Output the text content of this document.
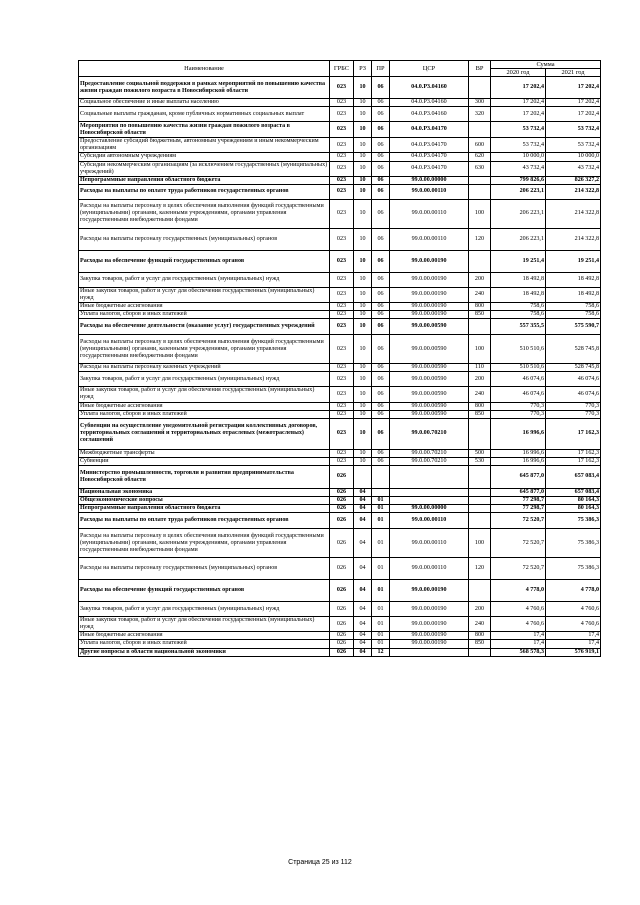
Наименование	ГРБС	РЗ	ПР	ЦСР	ВР	Сумма	
						2020 год	2021 год
Предоставление социальной поддержки в рамках мероприятий по повышению качества жизни граждан пожилого возраста в Новосибирской области	023	10	06	04.0.P3.04160		17 202,4	17 202,4
Социальное обеспечение и иные выплаты населению	023	10	06	04.0.P3.04160	300	17 202,4	17 202,4
Социальные выплаты гражданам, кроме публичных нормативных социальных выплат	023	10	06	04.0.P3.04160	320	17 202,4	17 202,4
Мероприятия по повышению качества жизни граждан пожилого возраста в Новосибирской области	023	10	06	04.0.P3.04170		53 732,4	53 732,4
Предоставление субсидий бюджетным, автономным учреждениям и иным некоммерческим организациям	023	10	06	04.0.P3.04170	600	53 732,4	53 732,4
Субсидии автономным учреждениям	023	10	06	04.0.P3.04170	620	10 000,0	10 000,0
Субсидии некоммерческим организациям (за исключением государственных (муниципальных) учреждений)	023	10	06	04.0.P3.04170	630	43 732,4	43 732,4
Непрограммные направления областного бюджета	023	10	06	99.0.00.00000		799 826,6	826 327,2
Расходы на выплаты по оплате труда работников государственных органов	023	10	06	99.0.00.00110		206 223,1	214 322,8
Расходы на выплаты персоналу в целях обеспечения выполнения функций государственными (муниципальными) органами, казенными учреждениями, органами управления государственными внебюджетными фондами	023	10	06	99.0.00.00110	100	206 223,1	214 322,8
Расходы на выплаты персоналу государственных (муниципальных) органов	023	10	06	99.0.00.00110	120	206 223,1	214 322,8
Расходы на обеспечение функций государственных органов	023	10	06	99.0.00.00190		19 251,4	19 251,4
Закупка товаров, работ и услуг для государственных (муниципальных) нужд	023	10	06	99.0.00.00190	200	18 492,8	18 492,8
Иные закупки товаров, работ и услуг для обеспечения государственных (муниципальных) нужд	023	10	06	99.0.00.00190	240	18 492,8	18 492,8
Иные бюджетные ассигнования	023	10	06	99.0.00.00190	800	758,6	758,6
Уплата налогов, сборов и иных платежей	023	10	06	99.0.00.00190	850	758,6	758,6
Расходы на обеспечение деятельности (оказание услуг) государственных учреждений	023	10	06	99.0.00.00590		557 355,5	575 590,7
Расходы на выплаты персоналу в целях обеспечения выполнения функций государственными (муниципальными) органами, казенными учреждениями, органами управления государственными внебюджетными фондами	023	10	06	99.0.00.00590	100	510 510,6	528 745,8
Расходы на выплаты персоналу казенных учреждений	023	10	06	99.0.00.00590	110	510 510,6	528 745,8
Закупка товаров, работ и услуг для государственных (муниципальных) нужд	023	10	06	99.0.00.00590	200	46 074,6	46 074,6
Иные закупки товаров, работ и услуг для обеспечения государственных (муниципальных) нужд	023	10	06	99.0.00.00590	240	46 074,6	46 074,6
Иные бюджетные ассигнования	023	10	06	99.0.00.00590	800	770,3	770,3
Уплата налогов, сборов и иных платежей	023	10	06	99.0.00.00590	850	770,3	770,3
Субвенции на осуществление уведомительной регистрации коллективных договоров, территориальных соглашений и территориальных отраслевых (межотраслевых) соглашений	023	10	06	99.0.00.70210		16 996,6	17 162,3
Межбюджетные трансферты	023	10	06	99.0.00.70210	500	16 996,6	17 162,3
Субвенции	023	10	06	99.0.00.70210	530	16 996,6	17 162,3
Министерство промышленности, торговли и развития предпринимательства Новосибирской области	026					645 877,0	657 083,4
Национальная экономика	026	04				645 877,0	657 083,4
Общеэкономические вопросы	026	04	01			77 298,7	80 164,3
Непрограммные направления областного бюджета	026	04	01	99.0.00.00000		77 298,7	80 164,3
Расходы на выплаты по оплате труда работников государственных органов	026	04	01	99.0.00.00110		72 520,7	75 386,3
Расходы на выплаты персоналу в целях обеспечения выполнения функций государственными (муниципальными) органами, казенными учреждениями, органами управления государственными внебюджетными фондами	026	04	01	99.0.00.00110	100	72 520,7	75 386,3
Расходы на выплаты персоналу государственных (муниципальных) органов	026	04	01	99.0.00.00110	120	72 520,7	75 386,3
Расходы на обеспечение функций государственных органов	026	04	01	99.0.00.00190		4 778,0	4 778,0
Закупка товаров, работ и услуг для государственных (муниципальных) нужд	026	04	01	99.0.00.00190	200	4 760,6	4 760,6
Иные закупки товаров, работ и услуг для обеспечения государственных (муниципальных) нужд	026	04	01	99.0.00.00190	240	4 760,6	4 760,6
Иные бюджетные ассигнования	026	04	01	99.0.00.00190	800	17,4	17,4
Уплата налогов, сборов и иных платежей	026	04	01	99.0.00.00190	850	17,4	17,4
Другие вопросы в области национальной экономики	026	04	12			568 578,3	576 919,1
Страница 25 из 112
